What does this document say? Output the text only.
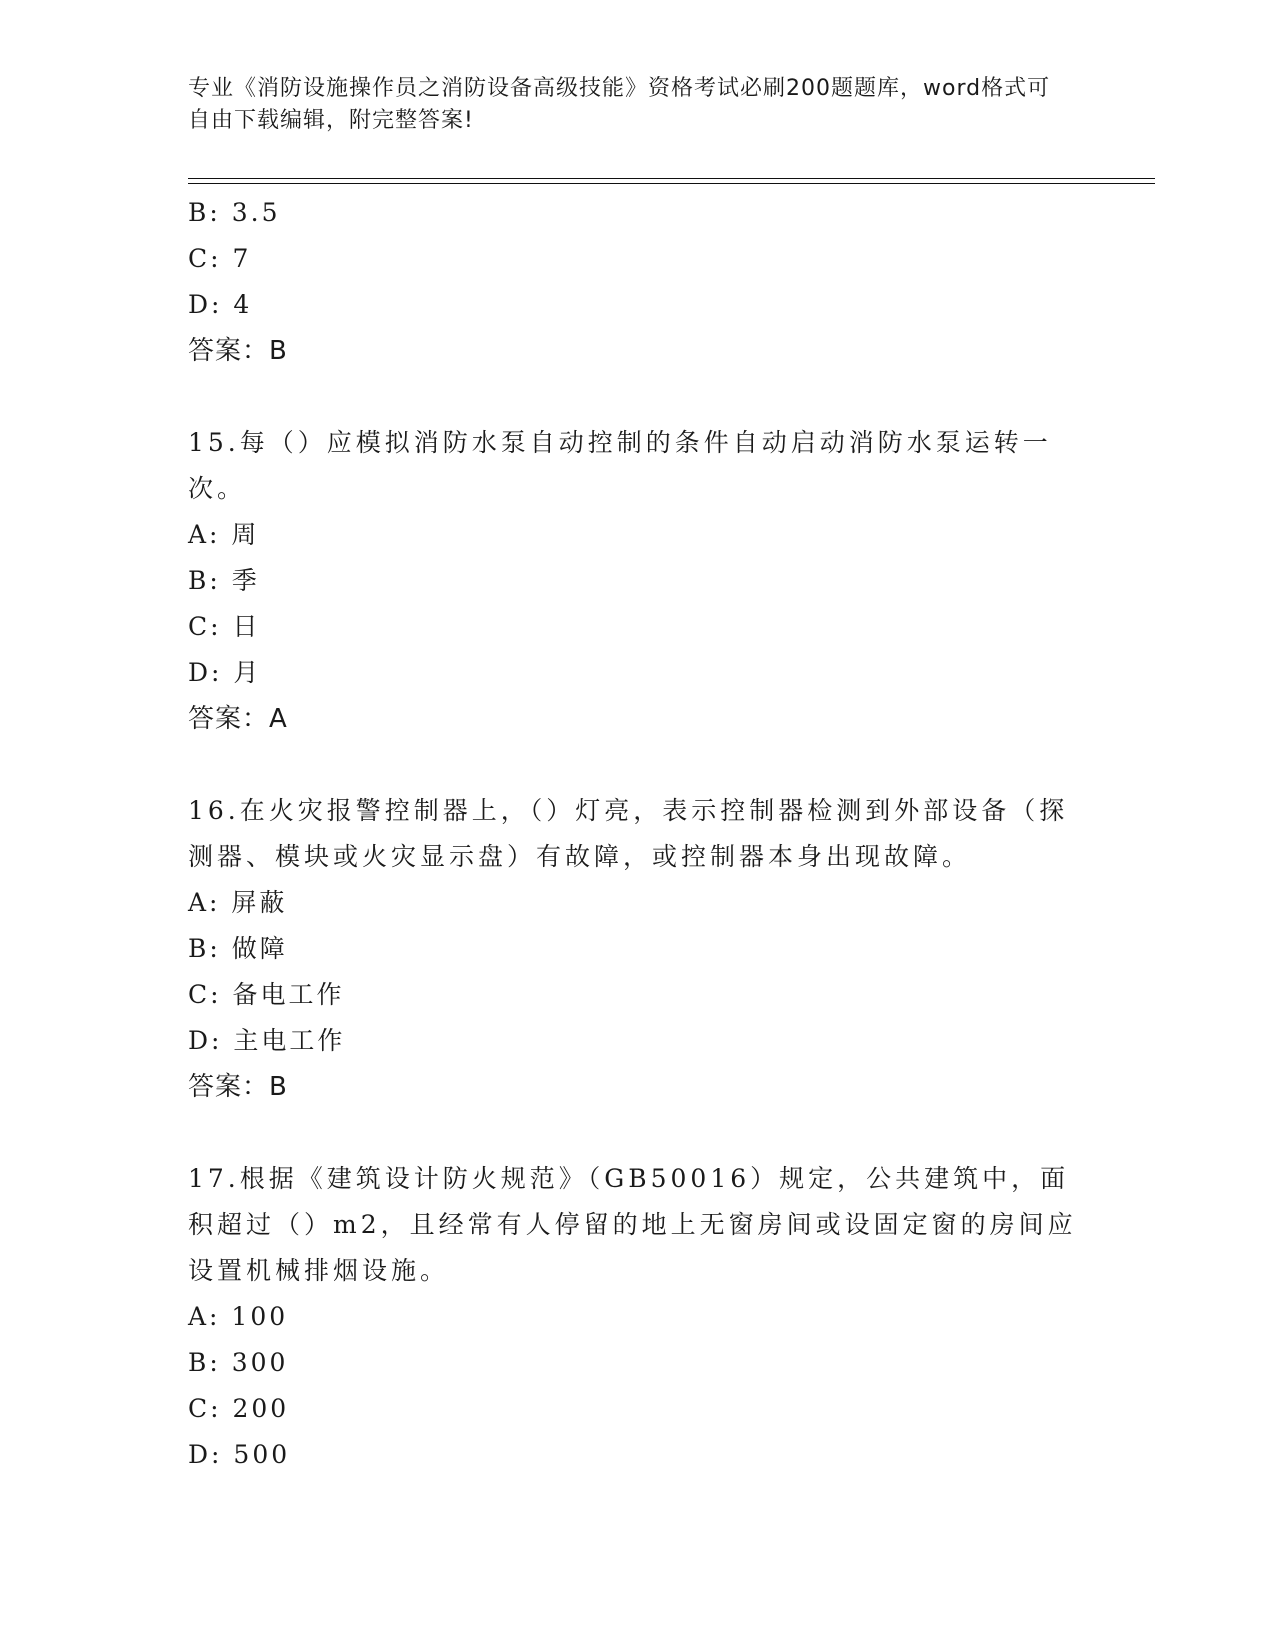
专业《消防设施操作员之消防设备高级技能》资格考试必刷200题题库，word格式可自由下载编辑，附完整答案!
B: 3.5
C: 7
D: 4
答案：B
15.每（）应模拟消防水泵自动控制的条件自动启动消防水泵运转一次。
A: 周
B: 季
C: 日
D: 月
答案：A
16.在火灾报警控制器上，（）灯亮，表示控制器检测到外部设备（探测器、模块或火灾显示盘）有故障，或控制器本身出现故障。
A: 屏蔽
B: 做障
C: 备电工作
D: 主电工作
答案：B
17.根据《建筑设计防火规范》（GB50016）规定，公共建筑中，面积超过（）m2，且经常有人停留的地上无窗房间或设固定窗的房间应设置机械排烟设施。
A: 100
B: 300
C: 200
D: 500
